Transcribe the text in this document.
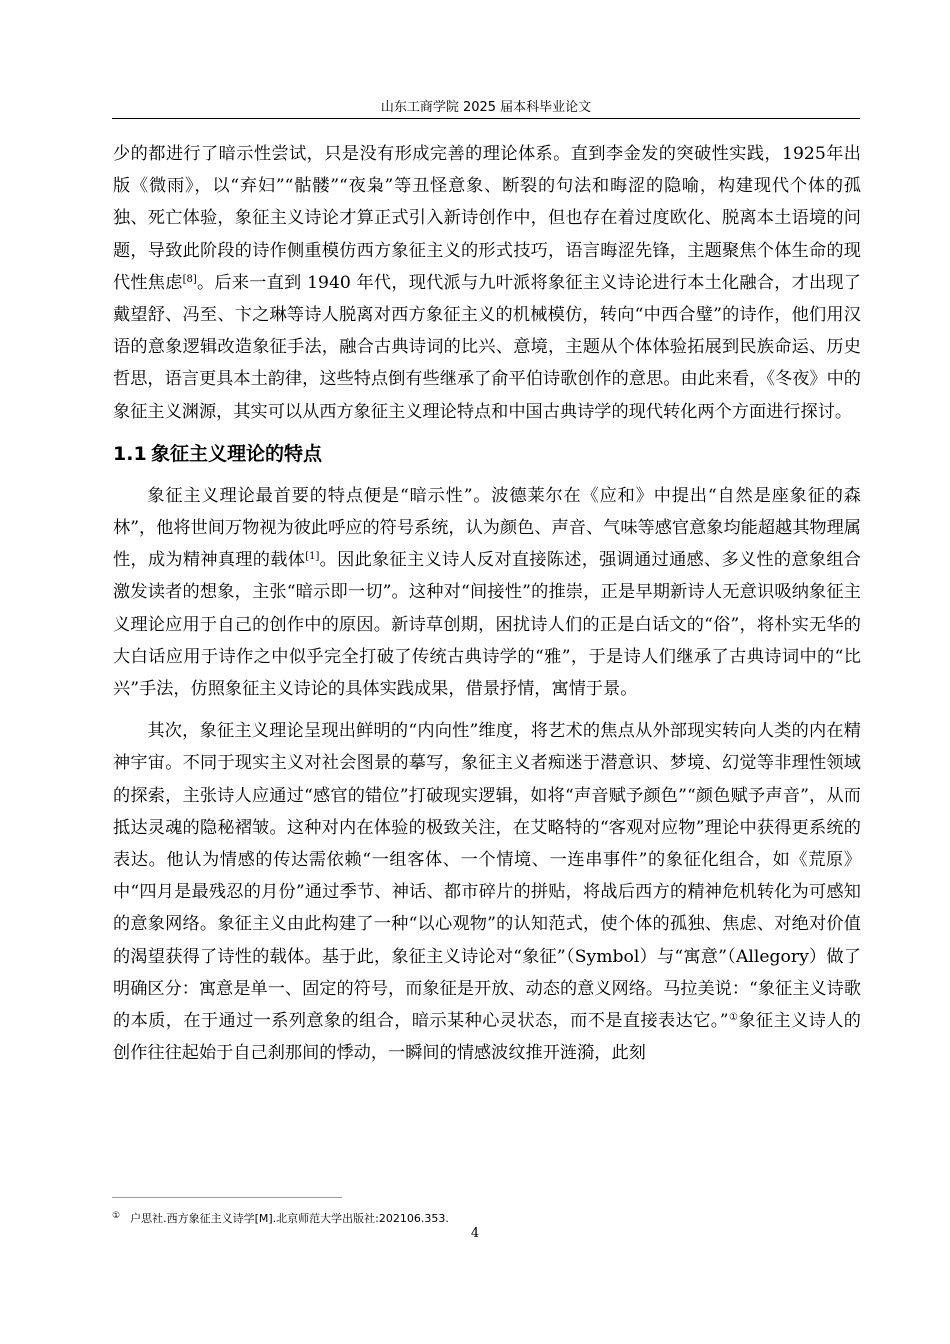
山东工商学院 2025 届本科毕业论文

少的都进行了暗示性尝试，只是没有形成完善的理论体系。直到李金发的突破性实践，1925年出版《微雨》，以“弃妇”“骷髅”“夜枭”等丑怪意象、断裂的句法和晦涩的隐喻，构建现代个体的孤独、死亡体验，象征主义诗论才算正式引入新诗创作中，但也存在着过度欧化、脱离本土语境的问题，导致此阶段的诗作侧重模仿西方象征主义的形式技巧，语言晦涩先锋，主题聚焦个体生命的现代性焦虑[8]。后来一直到 1940 年代，现代派与九叶派将象征主义诗论进行本土化融合，才出现了戴望舒、冯至、卞之琳等诗人脱离对西方象征主义的机械模仿，转向“中西合璧”的诗作，他们用汉语的意象逻辑改造象征手法，融合古典诗词的比兴、意境，主题从个体体验拓展到民族命运、历史哲思，语言更具本土韵律，这些特点倒有些继承了俞平伯诗歌创作的意思。由此来看，《冬夜》中的象征主义渊源，其实可以从西方象征主义理论特点和中国古典诗学的现代转化两个方面进行探讨。

1.1 象征主义理论的特点

象征主义理论最首要的特点便是“暗示性”。波德莱尔在《应和》中提出“自然是座象征的森林”，他将世间万物视为彼此呼应的符号系统，认为颜色、声音、气味等感官意象均能超越其物理属性，成为精神真理的载体[1]。因此象征主义诗人反对直接陈述，强调通过通感、多义性的意象组合激发读者的想象，主张“暗示即一切”。这种对“间接性”的推崇，正是早期新诗人无意识吸纳象征主义理论应用于自己的创作中的原因。新诗草创期，困扰诗人们的正是白话文的“俗”，将朴实无华的大白话应用于诗作之中似乎完全打破了传统古典诗学的“雅”，于是诗人们继承了古典诗词中的“比兴”手法，仿照象征主义诗论的具体实践成果，借景抒情，寓情于景。

其次，象征主义理论呈现出鲜明的“内向性”维度，将艺术的焦点从外部现实转向人类的内在精神宇宙。不同于现实主义对社会图景的摹写，象征主义者痴迷于潜意识、梦境、幻觉等非理性领域的探索，主张诗人应通过“感官的错位”打破现实逻辑，如将“声音赋予颜色”“颜色赋予声音”，从而抵达灵魂的隐秘褶皱。这种对内在体验的极致关注，在艾略特的“客观对应物”理论中获得更系统的表达。他认为情感的传达需依赖“一组客体、一个情境、一连串事件”的象征化组合，如《荒原》中“四月是最残忍的月份”通过季节、神话、都市碎片的拼贴，将战后西方的精神危机转化为可感知的意象网络。象征主义由此构建了一种“以心观物”的认知范式，使个体的孤独、焦虑、对绝对价值的渴望获得了诗性的载体。基于此，象征主义诗论对“象征”（Symbol）与“寓意”（Allegory）做了明确区分：寓意是单一、固定的符号，而象征是开放、动态的意义网络。马拉美说：“象征主义诗歌的本质，在于通过一系列意象的组合，暗示某种心灵状态，而不是直接表达它。”①象征主义诗人的创作往往起始于自己刹那间的悸动，一瞬间的情感波纹推开涟漪，此刻

① 户思社.西方象征主义诗学[M].北京师范大学出版社:202106.353.
4
